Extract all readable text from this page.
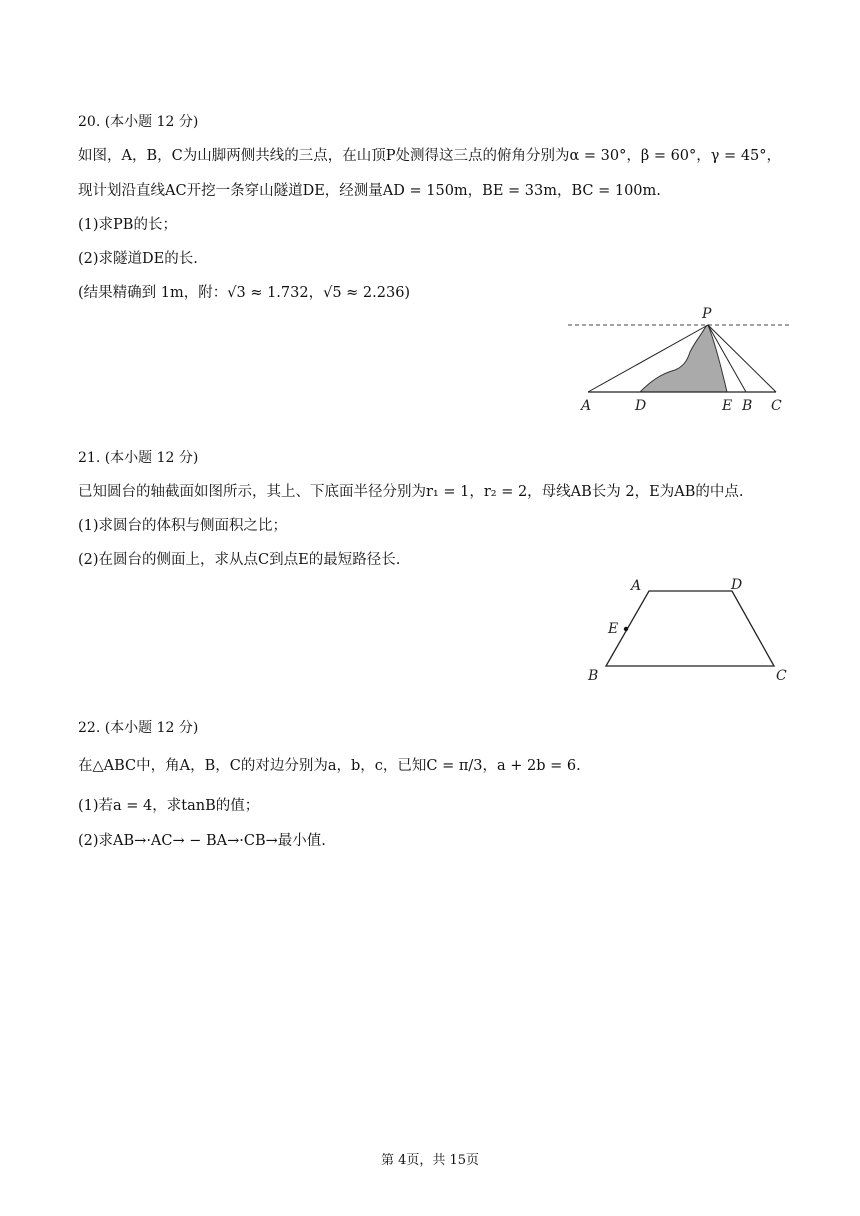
20. (本小题 12 分)
如图，A，B，C为山脚两侧共线的三点，在山顶P处测得这三点的俯角分别为α = 30°，β = 60°，γ = 45°，
现计划沿直线AC开挖一条穿山隧道DE，经测量AD = 150m，BE = 33m，BC = 100m.
(1)求PB的长；
(2)求隧道DE的长.
(结果精确到 1m，附：√3 ≈ 1.732，√5 ≈ 2.236)
P
A	D	E B C
21. (本小题 12 分)
已知圆台的轴截面如图所示，其上、下底面半径分别为r₁ = 1，r₂ = 2，母线AB长为 2，E为AB的中点.
(1)求圆台的体积与侧面积之比；
(2)在圆台的侧面上，求从点C到点E的最短路径长.
A	D
E
B	C
22. (本小题 12 分)
在△ABC中，角A，B，C的对边分别为a，b，c，已知C = π/3，a + 2b = 6.
(1)若a = 4，求tanB的值；
(2)求AB→·AC→ − BA→·CB→最小值.
第 4页，共 15页
